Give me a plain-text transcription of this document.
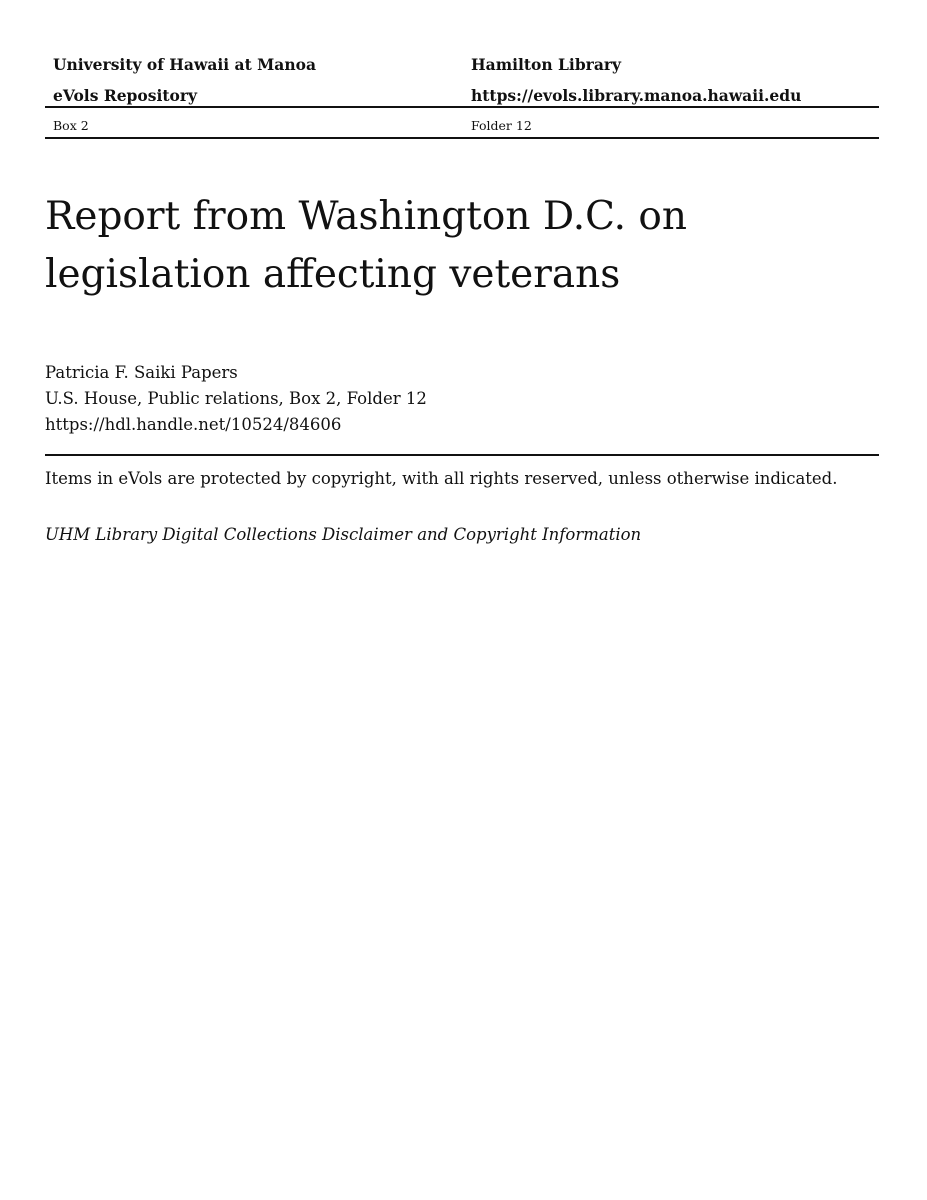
University of Hawaii at Manoa
eVols Repository
Hamilton Library
https://evols.library.manoa.hawaii.edu
Box 2	Folder 12
Report from Washington D.C. on legislation affecting veterans
Patricia F. Saiki Papers
U.S. House, Public relations, Box 2, Folder 12
https://hdl.handle.net/10524/84606
Items in eVols are protected by copyright, with all rights reserved, unless otherwise indicated.
UHM Library Digital Collections Disclaimer and Copyright Information
